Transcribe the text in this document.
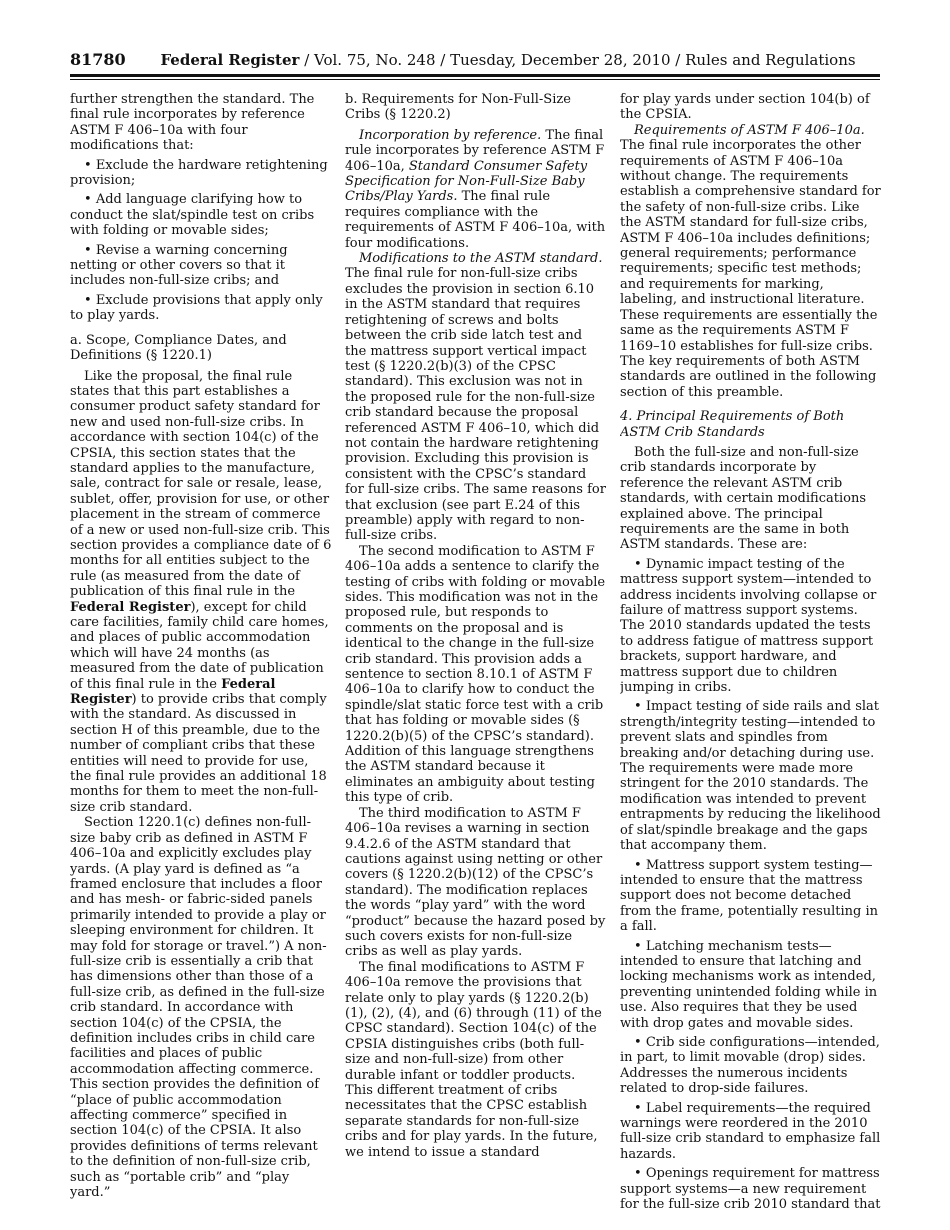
81780 Federal Register / Vol. 75, No. 248 / Tuesday, December 28, 2010 / Rules and Regulations

further strengthen the standard. The final rule incorporates by reference ASTM F 406–10a with four modifications that:

• Exclude the hardware retightening provision;

• Add language clarifying how to conduct the slat/spindle test on cribs with folding or movable sides;

• Revise a warning concerning netting or other covers so that it includes non-full-size cribs; and

• Exclude provisions that apply only to play yards.

a. Scope, Compliance Dates, and Definitions (§ 1220.1)

Like the proposal, the final rule states that this part establishes a consumer product safety standard for new and used non-full-size cribs. In accordance with section 104(c) of the CPSIA, this section states that the standard applies to the manufacture, sale, contract for sale or resale, lease, sublet, offer, provision for use, or other placement in the stream of commerce of a new or used non-full-size crib. This section provides a compliance date of 6 months for all entities subject to the rule (as measured from the date of publication of this final rule in the Federal Register), except for child care facilities, family child care homes, and places of public accommodation which will have 24 months (as measured from the date of publication of this final rule in the Federal Register) to provide cribs that comply with the standard. As discussed in section H of this preamble, due to the number of compliant cribs that these entities will need to provide for use, the final rule provides an additional 18 months for them to meet the non-full-size crib standard.

Section 1220.1(c) defines non-full-size baby crib as defined in ASTM F 406–10a and explicitly excludes play yards. (A play yard is defined as “a framed enclosure that includes a floor and has mesh- or fabric-sided panels primarily intended to provide a play or sleeping environment for children. It may fold for storage or travel.”) A non-full-size crib is essentially a crib that has dimensions other than those of a full-size crib, as defined in the full-size crib standard. In accordance with section 104(c) of the CPSIA, the definition includes cribs in child care facilities and places of public accommodation affecting commerce. This section provides the definition of “place of public accommodation affecting commerce” specified in section 104(c) of the CPSIA. It also provides definitions of terms relevant to the definition of non-full-size crib, such as “portable crib” and “play yard.”

b. Requirements for Non-Full-Size Cribs (§ 1220.2)

Incorporation by reference. The final rule incorporates by reference ASTM F 406–10a, Standard Consumer Safety Specification for Non-Full-Size Baby Cribs/Play Yards. The final rule requires compliance with the requirements of ASTM F 406–10a, with four modifications.

Modifications to the ASTM standard. The final rule for non-full-size cribs excludes the provision in section 6.10 in the ASTM standard that requires retightening of screws and bolts between the crib side latch test and the mattress support vertical impact test (§ 1220.2(b)(3) of the CPSC standard). This exclusion was not in the proposed rule for the non-full-size crib standard because the proposal referenced ASTM F 406–10, which did not contain the hardware retightening provision. Excluding this provision is consistent with the CPSC’s standard for full-size cribs. The same reasons for that exclusion (see part E.24 of this preamble) apply with regard to non-full-size cribs.

The second modification to ASTM F 406–10a adds a sentence to clarify the testing of cribs with folding or movable sides. This modification was not in the proposed rule, but responds to comments on the proposal and is identical to the change in the full-size crib standard. This provision adds a sentence to section 8.10.1 of ASTM F 406–10a to clarify how to conduct the spindle/slat static force test with a crib that has folding or movable sides (§ 1220.2(b)(5) of the CPSC’s standard). Addition of this language strengthens the ASTM standard because it eliminates an ambiguity about testing this type of crib.

The third modification to ASTM F 406–10a revises a warning in section 9.4.2.6 of the ASTM standard that cautions against using netting or other covers (§ 1220.2(b)(12) of the CPSC’s standard). The modification replaces the words “play yard” with the word “product” because the hazard posed by such covers exists for non-full-size cribs as well as play yards.

The final modifications to ASTM F 406–10a remove the provisions that relate only to play yards (§ 1220.2(b)(1), (2), (4), and (6) through (11) of the CPSC standard). Section 104(c) of the CPSIA distinguishes cribs (both full-size and non-full-size) from other durable infant or toddler products. This different treatment of cribs necessitates that the CPSC establish separate standards for non-full-size cribs and for play yards. In the future, we intend to issue a standard

for play yards under section 104(b) of the CPSIA.

Requirements of ASTM F 406–10a. The final rule incorporates the other requirements of ASTM F 406–10a without change. The requirements establish a comprehensive standard for the safety of non-full-size cribs. Like the ASTM standard for full-size cribs, ASTM F 406–10a includes definitions; general requirements; performance requirements; specific test methods; and requirements for marking, labeling, and instructional literature. These requirements are essentially the same as the requirements ASTM F 1169–10 establishes for full-size cribs. The key requirements of both ASTM standards are outlined in the following section of this preamble.

4. Principal Requirements of Both ASTM Crib Standards

Both the full-size and non-full-size crib standards incorporate by reference the relevant ASTM crib standards, with certain modifications explained above. The principal requirements are the same in both ASTM standards. These are:

• Dynamic impact testing of the mattress support system—intended to address incidents involving collapse or failure of mattress support systems. The 2010 standards updated the tests to address fatigue of mattress support brackets, support hardware, and mattress support due to children jumping in cribs.

• Impact testing of side rails and slat strength/integrity testing—intended to prevent slats and spindles from breaking and/or detaching during use. The requirements were made more stringent for the 2010 standards. The modification was intended to prevent entrapments by reducing the likelihood of slat/spindle breakage and the gaps that accompany them.

• Mattress support system testing—intended to ensure that the mattress support does not become detached from the frame, potentially resulting in a fall.

• Latching mechanism tests—intended to ensure that latching and locking mechanisms work as intended, preventing unintended folding while in use. Also requires that they be used with drop gates and movable sides.

• Crib side configurations—intended, in part, to limit movable (drop) sides. Addresses the numerous incidents related to drop-side failures.

• Label requirements—the required warnings were reordered in the 2010 full-size crib standard to emphasize fall hazards.

• Openings requirement for mattress support systems—a new requirement for the full-size crib 2010 standard that
